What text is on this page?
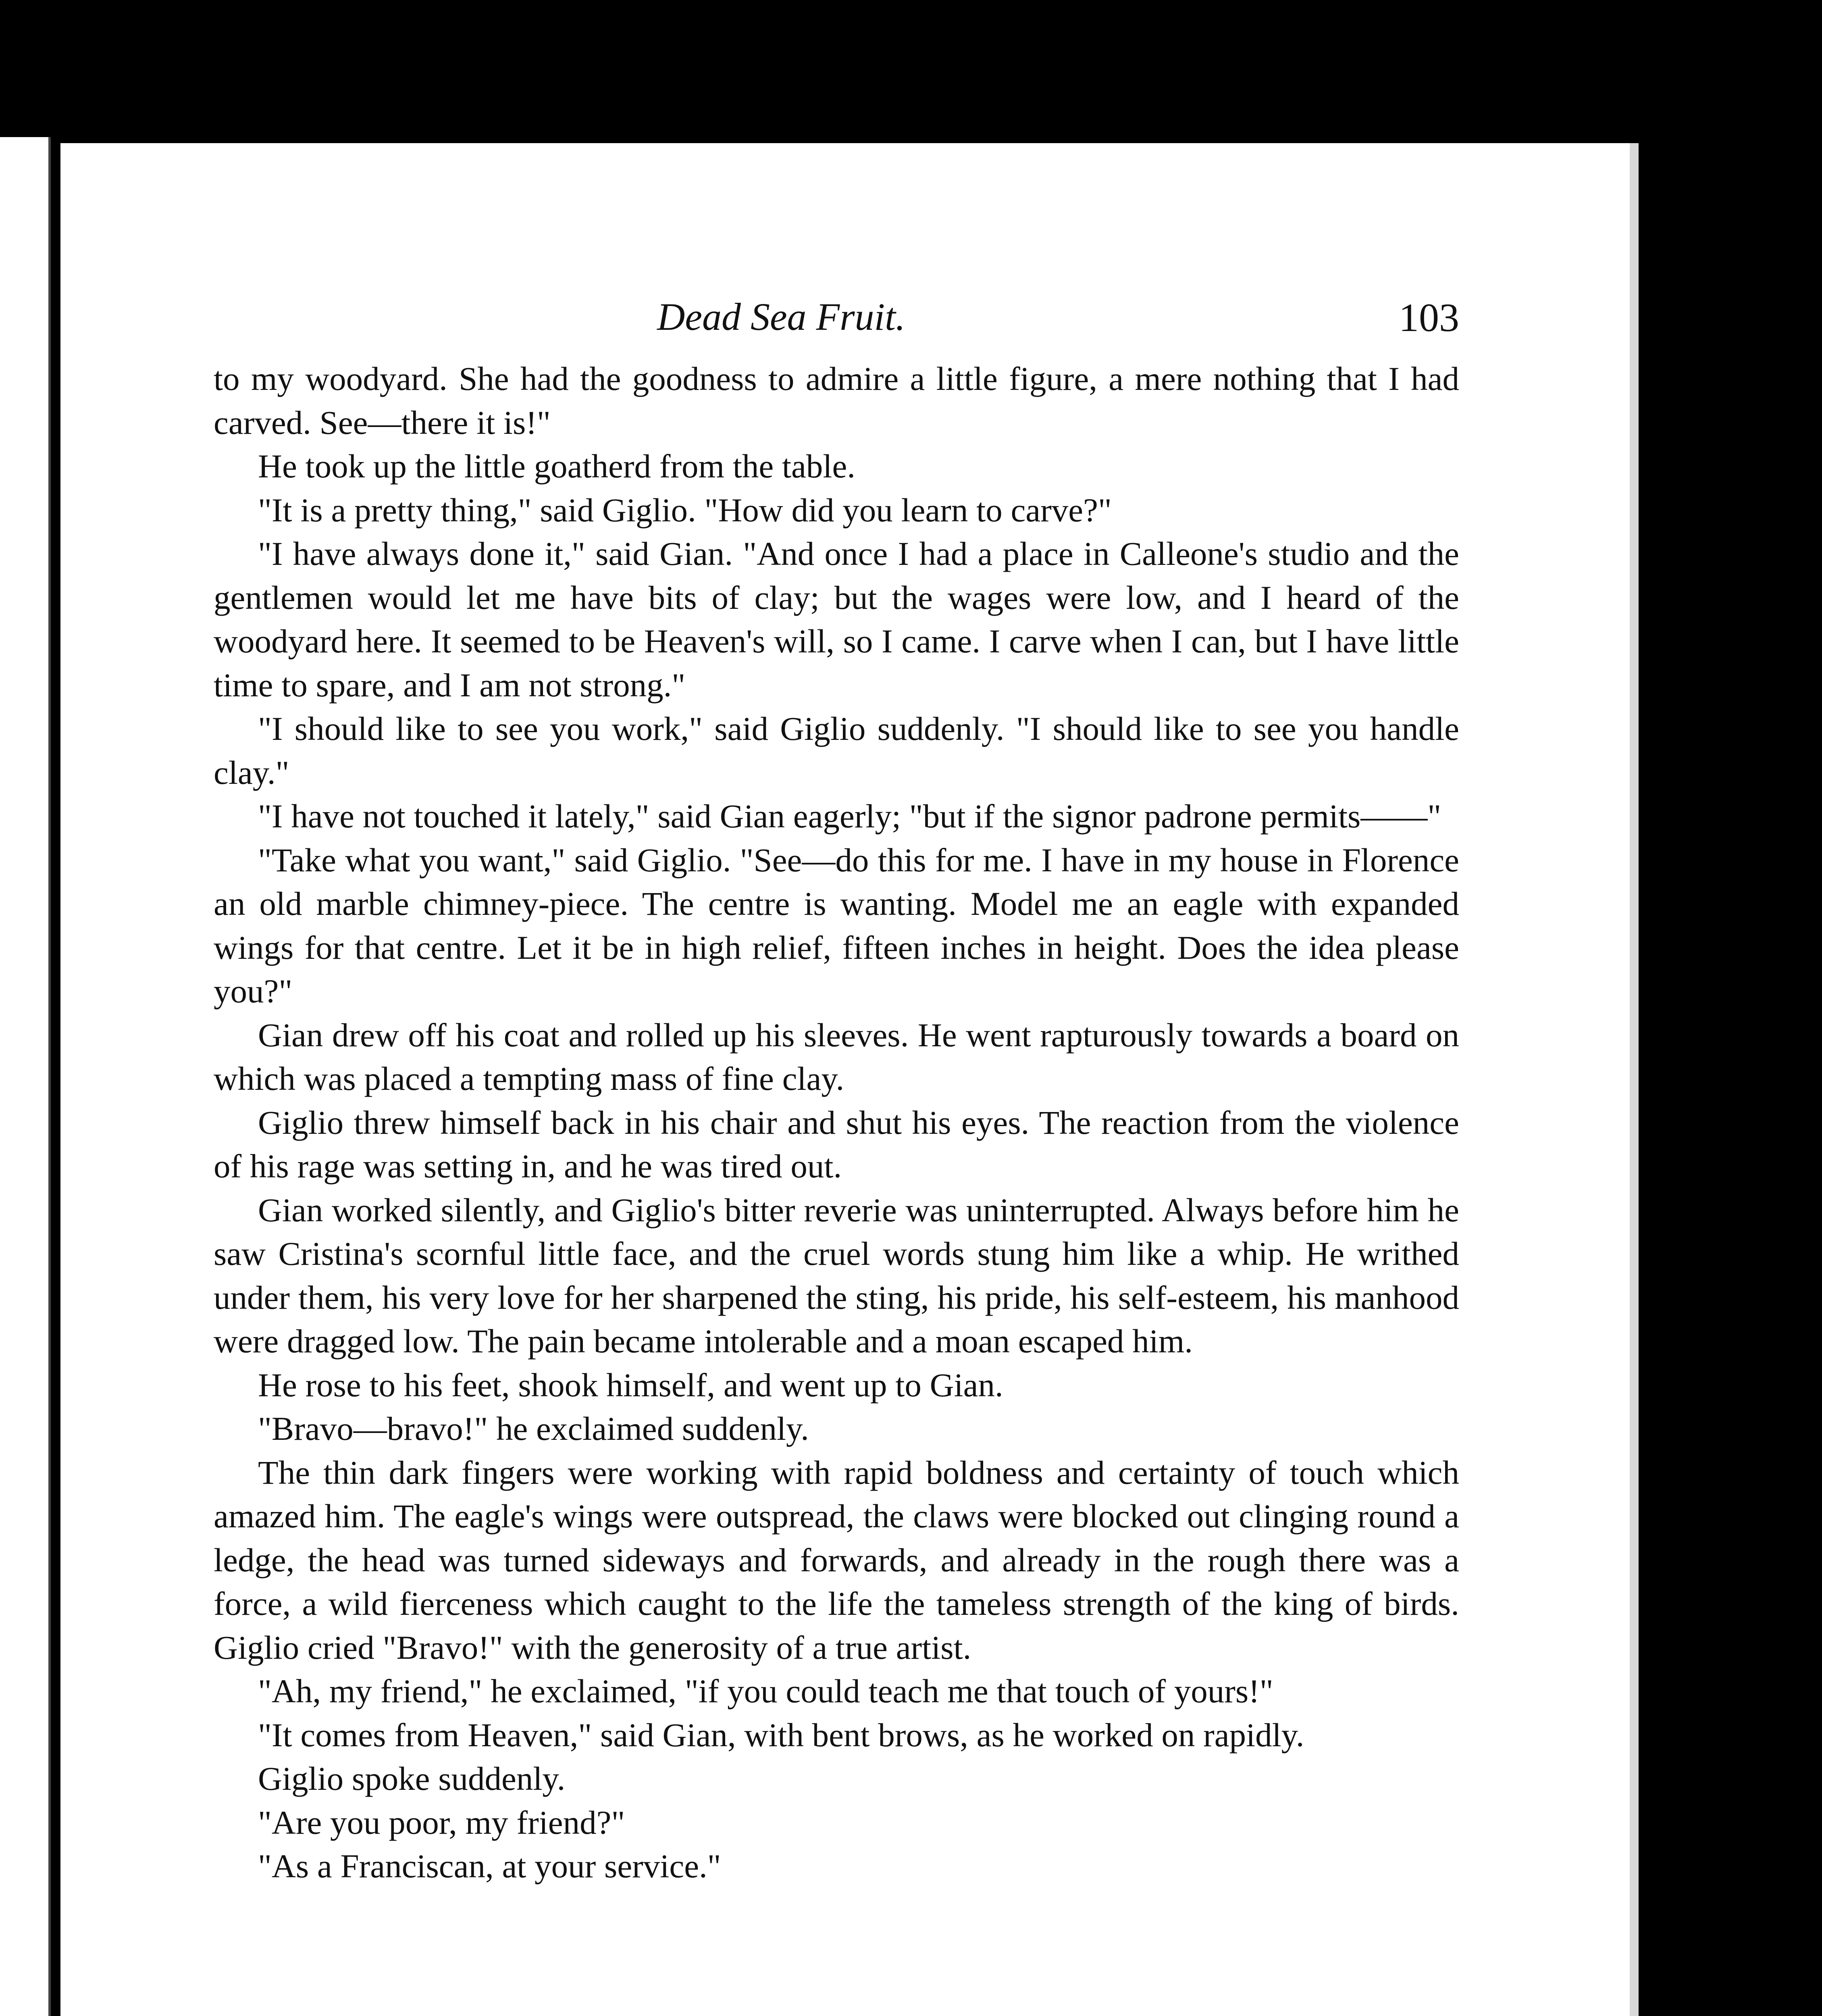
Dead Sea Fruit.	103

to my woodyard. She had the goodness to admire a little figure, a mere nothing that I had carved. See—there it is!"

He took up the little goatherd from the table.

"It is a pretty thing," said Giglio. "How did you learn to carve?"

"I have always done it," said Gian. "And once I had a place in Calleone's studio and the gentlemen would let me have bits of clay; but the wages were low, and I heard of the woodyard here. It seemed to be Heaven's will, so I came. I carve when I can, but I have little time to spare, and I am not strong."

"I should like to see you work," said Giglio suddenly. "I should like to see you handle clay."

"I have not touched it lately," said Gian eagerly; "but if the signor padrone permits——"

"Take what you want," said Giglio. "See—do this for me. I have in my house in Florence an old marble chimney-piece. The centre is wanting. Model me an eagle with expanded wings for that centre. Let it be in high relief, fifteen inches in height. Does the idea please you?"

Gian drew off his coat and rolled up his sleeves. He went rapturously towards a board on which was placed a tempting mass of fine clay.

Giglio threw himself back in his chair and shut his eyes. The reaction from the violence of his rage was setting in, and he was tired out.

Gian worked silently, and Giglio's bitter reverie was uninterrupted. Always before him he saw Cristina's scornful little face, and the cruel words stung him like a whip. He writhed under them, his very love for her sharpened the sting, his pride, his self-esteem, his manhood were dragged low. The pain became intolerable and a moan escaped him.

He rose to his feet, shook himself, and went up to Gian.

"Bravo—bravo!" he exclaimed suddenly.

The thin dark fingers were working with rapid boldness and certainty of touch which amazed him. The eagle's wings were outspread, the claws were blocked out clinging round a ledge, the head was turned sideways and forwards, and already in the rough there was a force, a wild fierceness which caught to the life the tameless strength of the king of birds. Giglio cried "Bravo!" with the generosity of a true artist.

"Ah, my friend," he exclaimed, "if you could teach me that touch of yours!"

"It comes from Heaven," said Gian, with bent brows, as he worked on rapidly.

Giglio spoke suddenly.

"Are you poor, my friend?"

"As a Franciscan, at your service."
